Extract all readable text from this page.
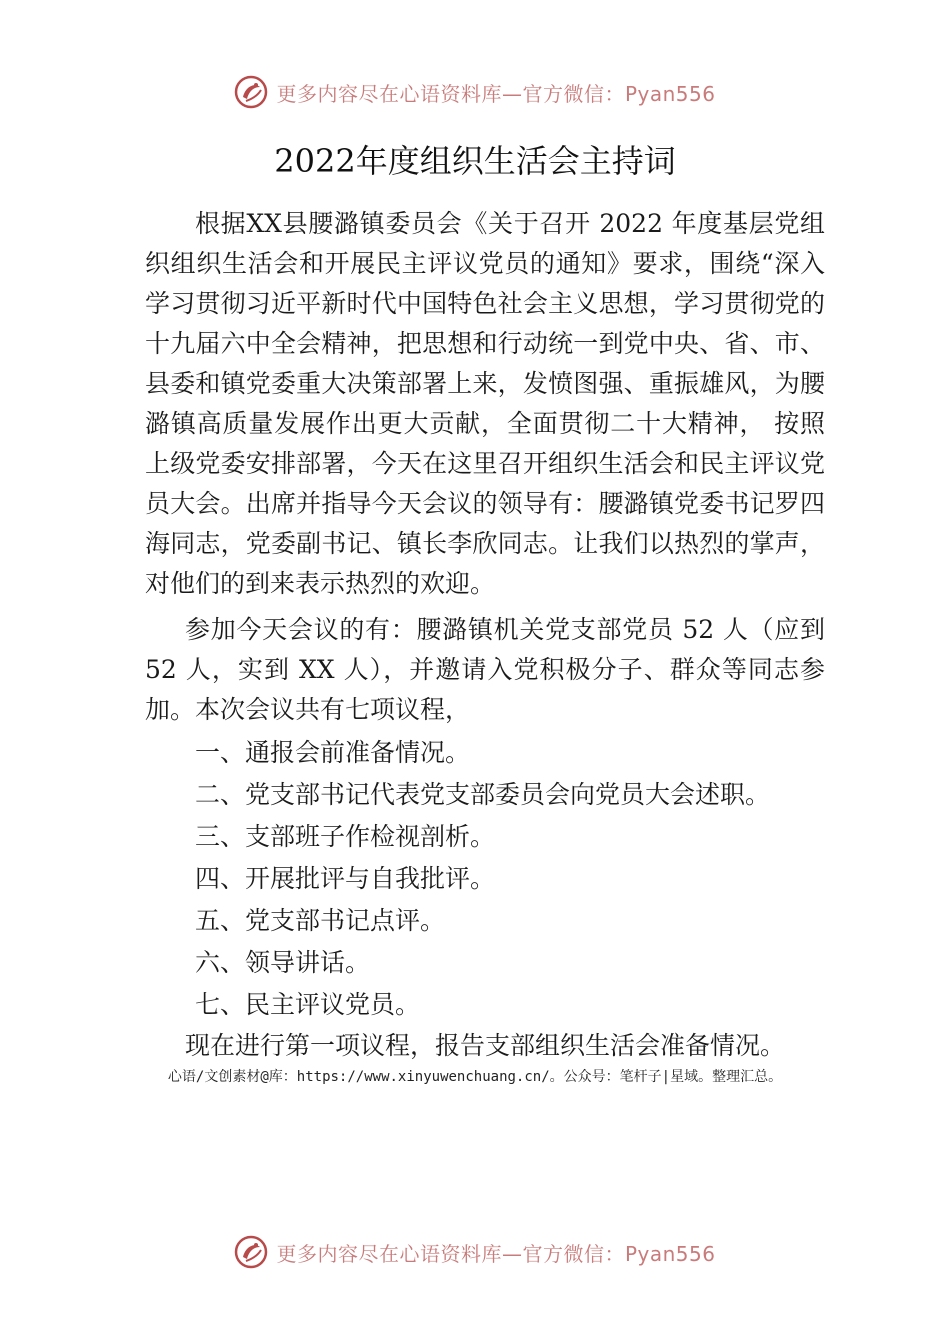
更多内容尽在心语资料库—官方微信：Pyan556
2022年度组织生活会主持词

根据XX县腰潞镇委员会《关于召开 2022 年度基层党组织组织生活会和开展民主评议党员的通知》要求，围绕“深入学习贯彻习近平新时代中国特色社会主义思想，学习贯彻党的十九届六中全会精神，把思想和行动统一到党中央、省、市、县委和镇党委重大决策部署上来，发愤图强、重振雄风，为腰潞镇高质量发展作出更大贡献，全面贯彻二十大精神， 按照上级党委安排部署，今天在这里召开组织生活会和民主评议党员大会。出席并指导今天会议的领导有：腰潞镇党委书记罗四海同志，党委副书记、镇长李欣同志。让我们以热烈的掌声，对他们的到来表示热烈的欢迎。

参加今天会议的有：腰潞镇机关党支部党员 52 人（应到 52 人，实到 XX 人），并邀请入党积极分子、群众等同志参加。本次会议共有七项议程，

一、通报会前准备情况。
二、党支部书记代表党支部委员会向党员大会述职。
三、支部班子作检视剖析。
四、开展批评与自我批评。
五、党支部书记点评。
六、领导讲话。
七、民主评议党员。

现在进行第一项议程，报告支部组织生活会准备情况。

心语/文创素材@库：https://www.xinyuwenchuang.cn/。公众号：笔杆子|星域。整理汇总。
更多内容尽在心语资料库—官方微信：Pyan556
